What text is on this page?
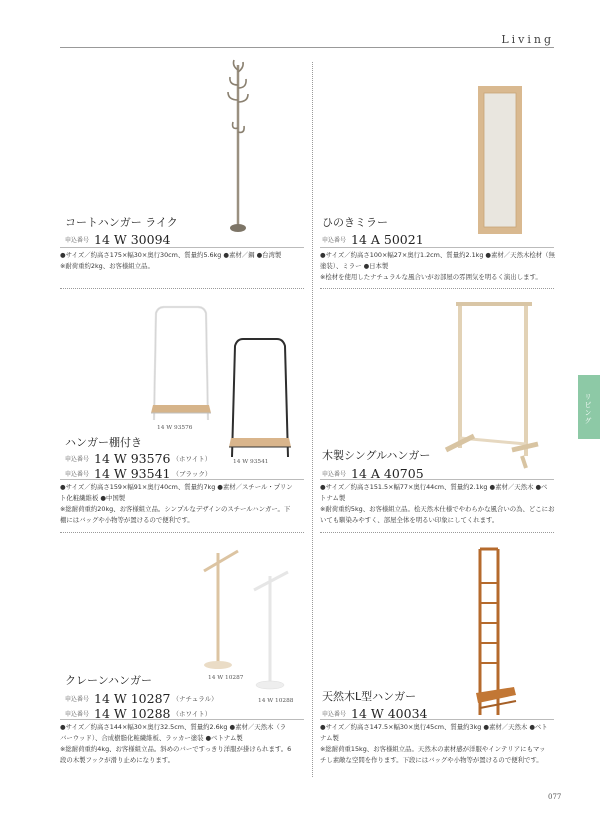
Living
コートハンガー ライク
申込番号 14 W 30094

●サイズ／約高さ175×幅30×奥行30cm、質量約5.6kg ●素材／鋼 ●台湾製

※耐荷重約2kg、お客様組立品。

ひのきミラー
申込番号 14 A 50021

●サイズ／約高さ100×幅27×奥行1.2cm、質量約2.1kg ●素材／天然木桧材（無

塗装）、ミラー ●日本製

※桧材を使用したナチュラルな風合いがお部屋の雰囲気を明るく演出します。

14 W 93576
14 W 93541
ハンガー棚付き
申込番号 14 W 93576 （ホワイト）
申込番号 14 W 93541 （ブラック）

●サイズ／約高さ159×幅91×奥行40cm、質量約7kg ●素材／スチール・プリン

ト化粧繊維板 ●中国製

※総耐荷重約20kg、お客様組立品。シンプルなデザインのスチールハンガー。下

棚にはバッグや小物等が置けるので便利です。

木製シングルハンガー
申込番号 14 A 40705

●サイズ／約高さ151.5×幅77×奥行44cm、質量約2.1kg ●素材／天然木 ●ベ

トナム製

※耐荷重約5kg、お客様組立品。桧天然木仕様でやわらかな風合いの為、どこにお

いても馴染みやすく、部屋全体を明るい印象にしてくれます。

14 W 10287
14 W 10288
クレーンハンガー
申込番号 14 W 10287 （ナチュラル）
申込番号 14 W 10288 （ホワイト）

●サイズ／約高さ144×幅30×奥行32.5cm、質量約2.6kg ●素材／天然木（ラ

バーウッド）、合成樹脂化粧繊維板、ラッカー塗装 ●ベトナム製

※総耐荷重約4kg、お客様組立品。斜めのバーですっきり洋服が掛けられます。6

段の木製フックが滑り止めになります。

天然木L型ハンガー
申込番号 14 W 40034

●サイズ／約高さ147.5×幅30×奥行45cm、質量約3kg ●素材／天然木 ●ベト

ナム製

※総耐荷重15kg、お客様組立品。天然木の素材感が洋服やインテリアにもマッ

チし素敵な空間を作ります。下段にはバッグや小物等が置けるので便利です。

リビング
077
